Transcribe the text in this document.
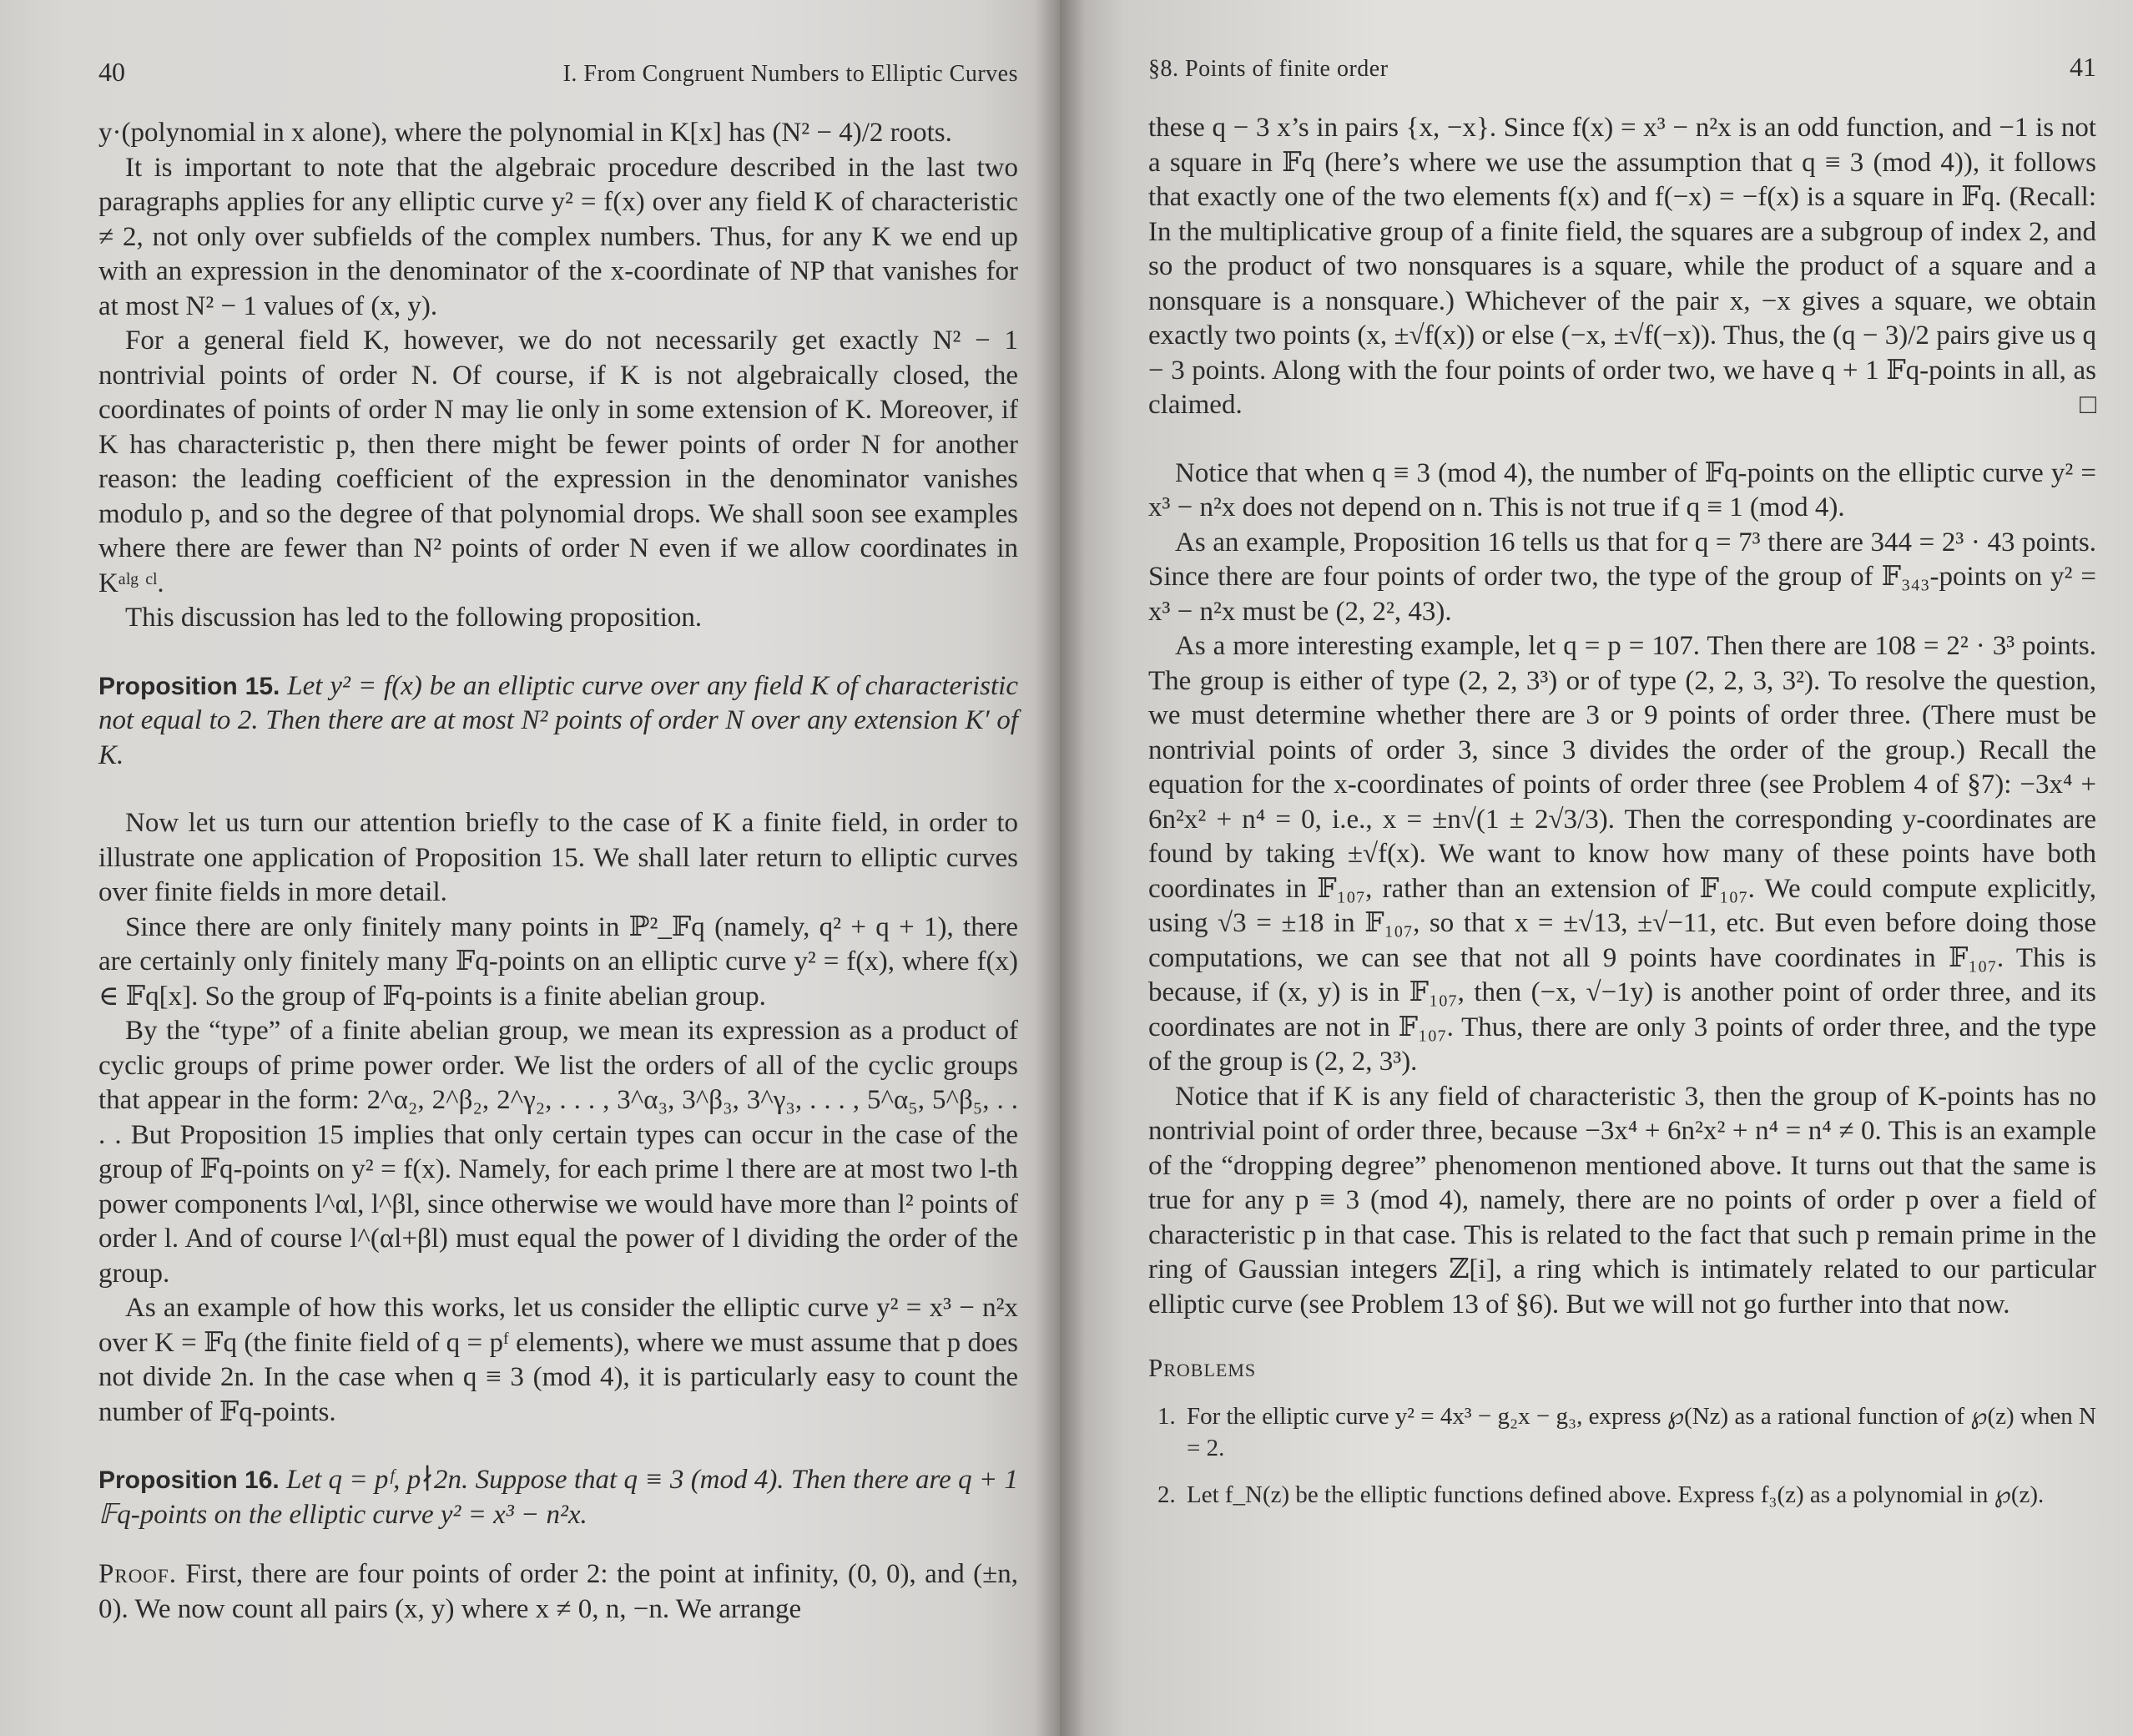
40	I. From Congruent Numbers to Elliptic Curves

y·(polynomial in x alone), where the polynomial in K[x] has (N² − 4)/2 roots.

It is important to note that the algebraic procedure described in the last two paragraphs applies for any elliptic curve y² = f(x) over any field K of characteristic ≠ 2, not only over subfields of the complex numbers. Thus, for any K we end up with an expression in the denominator of the x-coordinate of NP that vanishes for at most N² − 1 values of (x, y).

For a general field K, however, we do not necessarily get exactly N² − 1 nontrivial points of order N. Of course, if K is not algebraically closed, the coordinates of points of order N may lie only in some extension of K. Moreover, if K has characteristic p, then there might be fewer points of order N for another reason: the leading coefficient of the expression in the denominator vanishes modulo p, and so the degree of that polynomial drops. We shall soon see examples where there are fewer than N² points of order N even if we allow coordinates in Kᵃˡᵍ ᶜˡ.

This discussion has led to the following proposition.

Proposition 15. Let y² = f(x) be an elliptic curve over any field K of characteristic not equal to 2. Then there are at most N² points of order N over any extension K′ of K.

Now let us turn our attention briefly to the case of K a finite field, in order to illustrate one application of Proposition 15. We shall later return to elliptic curves over finite fields in more detail.

Since there are only finitely many points in ℙ²_𝔽q (namely, q² + q + 1), there are certainly only finitely many 𝔽q-points on an elliptic curve y² = f(x), where f(x) ∈ 𝔽q[x]. So the group of 𝔽q-points is a finite abelian group.

By the “type” of a finite abelian group, we mean its expression as a product of cyclic groups of prime power order. We list the orders of all of the cyclic groups that appear in the form: 2^α₂, 2^β₂, 2^γ₂, . . . , 3^α₃, 3^β₃, 3^γ₃, . . . , 5^α₅, 5^β₅, . . . . But Proposition 15 implies that only certain types can occur in the case of the group of 𝔽q-points on y² = f(x). Namely, for each prime l there are at most two l-th power components l^αl, l^βl, since otherwise we would have more than l² points of order l. And of course l^(αl+βl) must equal the power of l dividing the order of the group.

As an example of how this works, let us consider the elliptic curve y² = x³ − n²x over K = 𝔽q (the finite field of q = pᶠ elements), where we must assume that p does not divide 2n. In the case when q ≡ 3 (mod 4), it is particularly easy to count the number of 𝔽q-points.

Proposition 16. Let q = pᶠ, p∤2n. Suppose that q ≡ 3 (mod 4). Then there are q + 1 𝔽q-points on the elliptic curve y² = x³ − n²x.

Proof. First, there are four points of order 2: the point at infinity, (0, 0), and (±n, 0). We now count all pairs (x, y) where x ≠ 0, n, −n. We arrange

§8. Points of finite order	41

these q − 3 x’s in pairs {x, −x}. Since f(x) = x³ − n²x is an odd function, and −1 is not a square in 𝔽q (here’s where we use the assumption that q ≡ 3 (mod 4)), it follows that exactly one of the two elements f(x) and f(−x) = −f(x) is a square in 𝔽q. (Recall: In the multiplicative group of a finite field, the squares are a subgroup of index 2, and so the product of two nonsquares is a square, while the product of a square and a nonsquare is a nonsquare.) Whichever of the pair x, −x gives a square, we obtain exactly two points (x, ±√f(x)) or else (−x, ±√f(−x)). Thus, the (q − 3)/2 pairs give us q − 3 points. Along with the four points of order two, we have q + 1 𝔽q-points in all, as claimed.	□

Notice that when q ≡ 3 (mod 4), the number of 𝔽q-points on the elliptic curve y² = x³ − n²x does not depend on n. This is not true if q ≡ 1 (mod 4).

As an example, Proposition 16 tells us that for q = 7³ there are 344 = 2³ · 43 points. Since there are four points of order two, the type of the group of 𝔽₃₄₃-points on y² = x³ − n²x must be (2, 2², 43).

As a more interesting example, let q = p = 107. Then there are 108 = 2² · 3³ points. The group is either of type (2, 2, 3³) or of type (2, 2, 3, 3²). To resolve the question, we must determine whether there are 3 or 9 points of order three. (There must be nontrivial points of order 3, since 3 divides the order of the group.) Recall the equation for the x-coordinates of points of order three (see Problem 4 of §7): −3x⁴ + 6n²x² + n⁴ = 0, i.e., x = ±n√(1 ± 2√3/3). Then the corresponding y-coordinates are found by taking ±√f(x). We want to know how many of these points have both coordinates in 𝔽₁₀₇, rather than an extension of 𝔽₁₀₇. We could compute explicitly, using √3 = ±18 in 𝔽₁₀₇, so that x = ±√13, ±√−11, etc. But even before doing those computations, we can see that not all 9 points have coordinates in 𝔽₁₀₇. This is because, if (x, y) is in 𝔽₁₀₇, then (−x, √−1y) is another point of order three, and its coordinates are not in 𝔽₁₀₇. Thus, there are only 3 points of order three, and the type of the group is (2, 2, 3³).

Notice that if K is any field of characteristic 3, then the group of K-points has no nontrivial point of order three, because −3x⁴ + 6n²x² + n⁴ = n⁴ ≠ 0. This is an example of the “dropping degree” phenomenon mentioned above. It turns out that the same is true for any p ≡ 3 (mod 4), namely, there are no points of order p over a field of characteristic p in that case. This is related to the fact that such p remain prime in the ring of Gaussian integers ℤ[i], a ring which is intimately related to our particular elliptic curve (see Problem 13 of §6). But we will not go further into that now.

Problems
1. For the elliptic curve y² = 4x³ − g₂x − g₃, express ℘(Nz) as a rational function of ℘(z) when N = 2.
2. Let f_N(z) be the elliptic functions defined above. Express f₃(z) as a polynomial in ℘(z).
